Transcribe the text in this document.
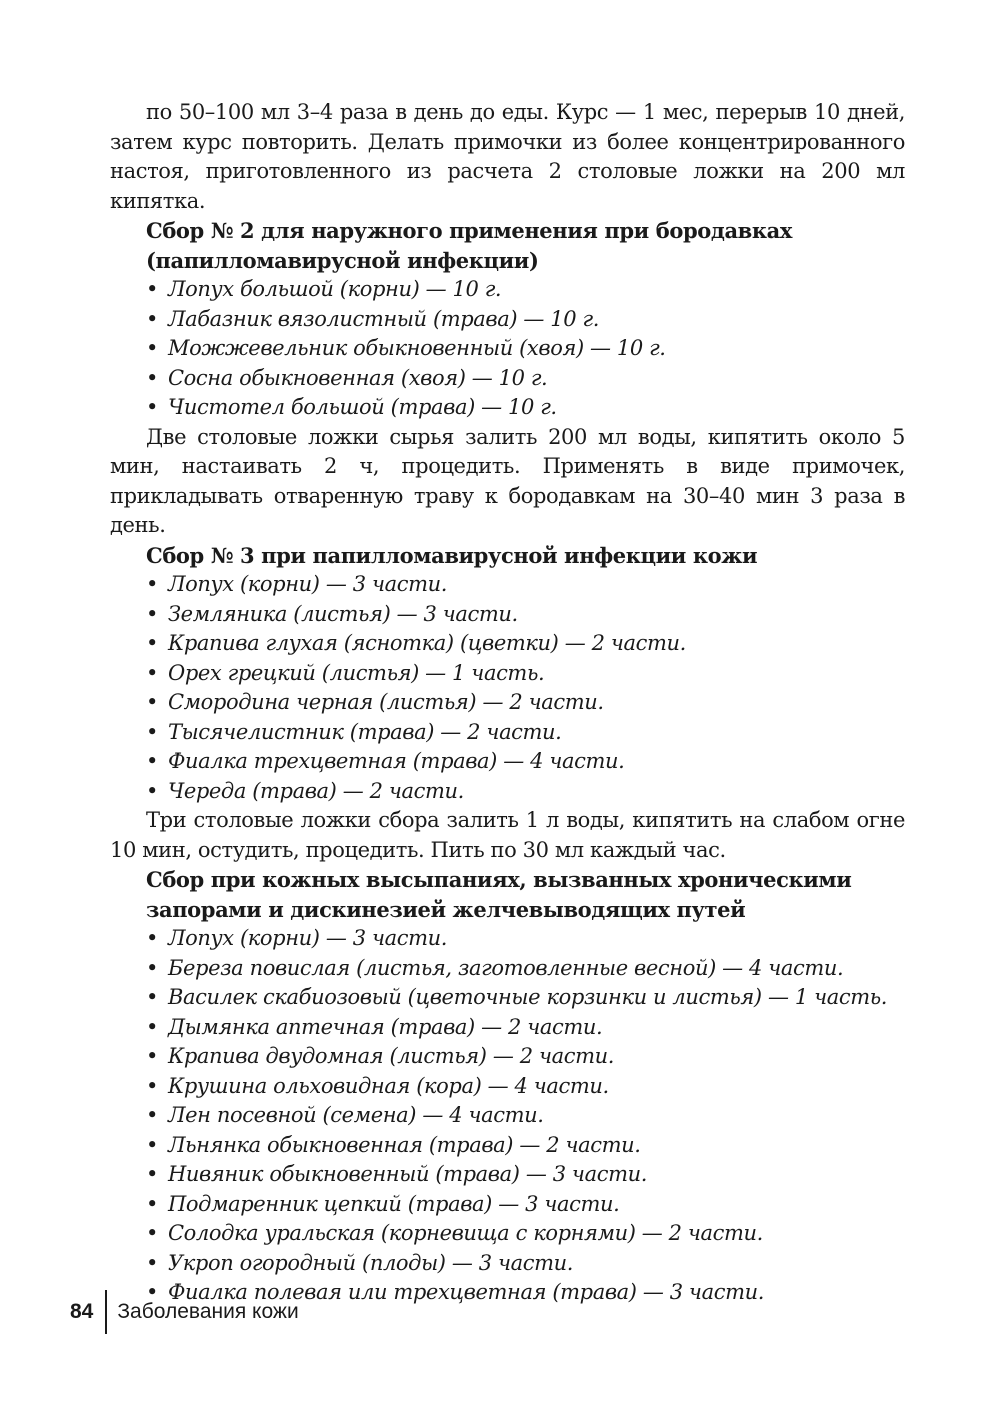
по 50–100 мл 3–4 раза в день до еды. Курс — 1 мес, перерыв 10 дней, затем курс повторить. Делать примочки из более концентрированного настоя, приготовленного из расчета 2 столовые ложки на 200 мл кипятка.

Сбор № 2 для наружного применения при бородавках (папилломавирусной инфекции)

• Лопух большой (корни) — 10 г.
• Лабазник вязолистный (трава) — 10 г.
• Можжевельник обыкновенный (хвоя) — 10 г.
• Сосна обыкновенная (хвоя) — 10 г.
• Чистотел большой (трава) — 10 г.

Две столовые ложки сырья залить 200 мл воды, кипятить около 5 мин, настаивать 2 ч, процедить. Применять в виде примочек, прикладывать отваренную траву к бородавкам на 30–40 мин 3 раза в день.

Сбор № 3 при папилломавирусной инфекции кожи

• Лопух (корни) — 3 части.
• Земляника (листья) — 3 части.
• Крапива глухая (яснотка) (цветки) — 2 части.
• Орех грецкий (листья) — 1 часть.
• Смородина черная (листья) — 2 части.
• Тысячелистник (трава) — 2 части.
• Фиалка трехцветная (трава) — 4 части.
• Череда (трава) — 2 части.

Три столовые ложки сбора залить 1 л воды, кипятить на слабом огне 10 мин, остудить, процедить. Пить по 30 мл каждый час.

Сбор при кожных высыпаниях, вызванных хроническими запорами и дискинезией желчевыводящих путей

• Лопух (корни) — 3 части.
• Береза повислая (листья, заготовленные весной) — 4 части.
• Василек скабиозовый (цветочные корзинки и листья) — 1 часть.
• Дымянка аптечная (трава) — 2 части.
• Крапива двудомная (листья) — 2 части.
• Крушина ольховидная (кора) — 4 части.
• Лен посевной (семена) — 4 части.
• Льнянка обыкновенная (трава) — 2 части.
• Нивяник обыкновенный (трава) — 3 части.
• Подмаренник цепкий (трава) — 3 части.
• Солодка уральская (корневища с корнями) — 2 части.
• Укроп огородный (плоды) — 3 части.
• Фиалка полевая или трехцветная (трава) — 3 части.
84	Заболевания кожи
